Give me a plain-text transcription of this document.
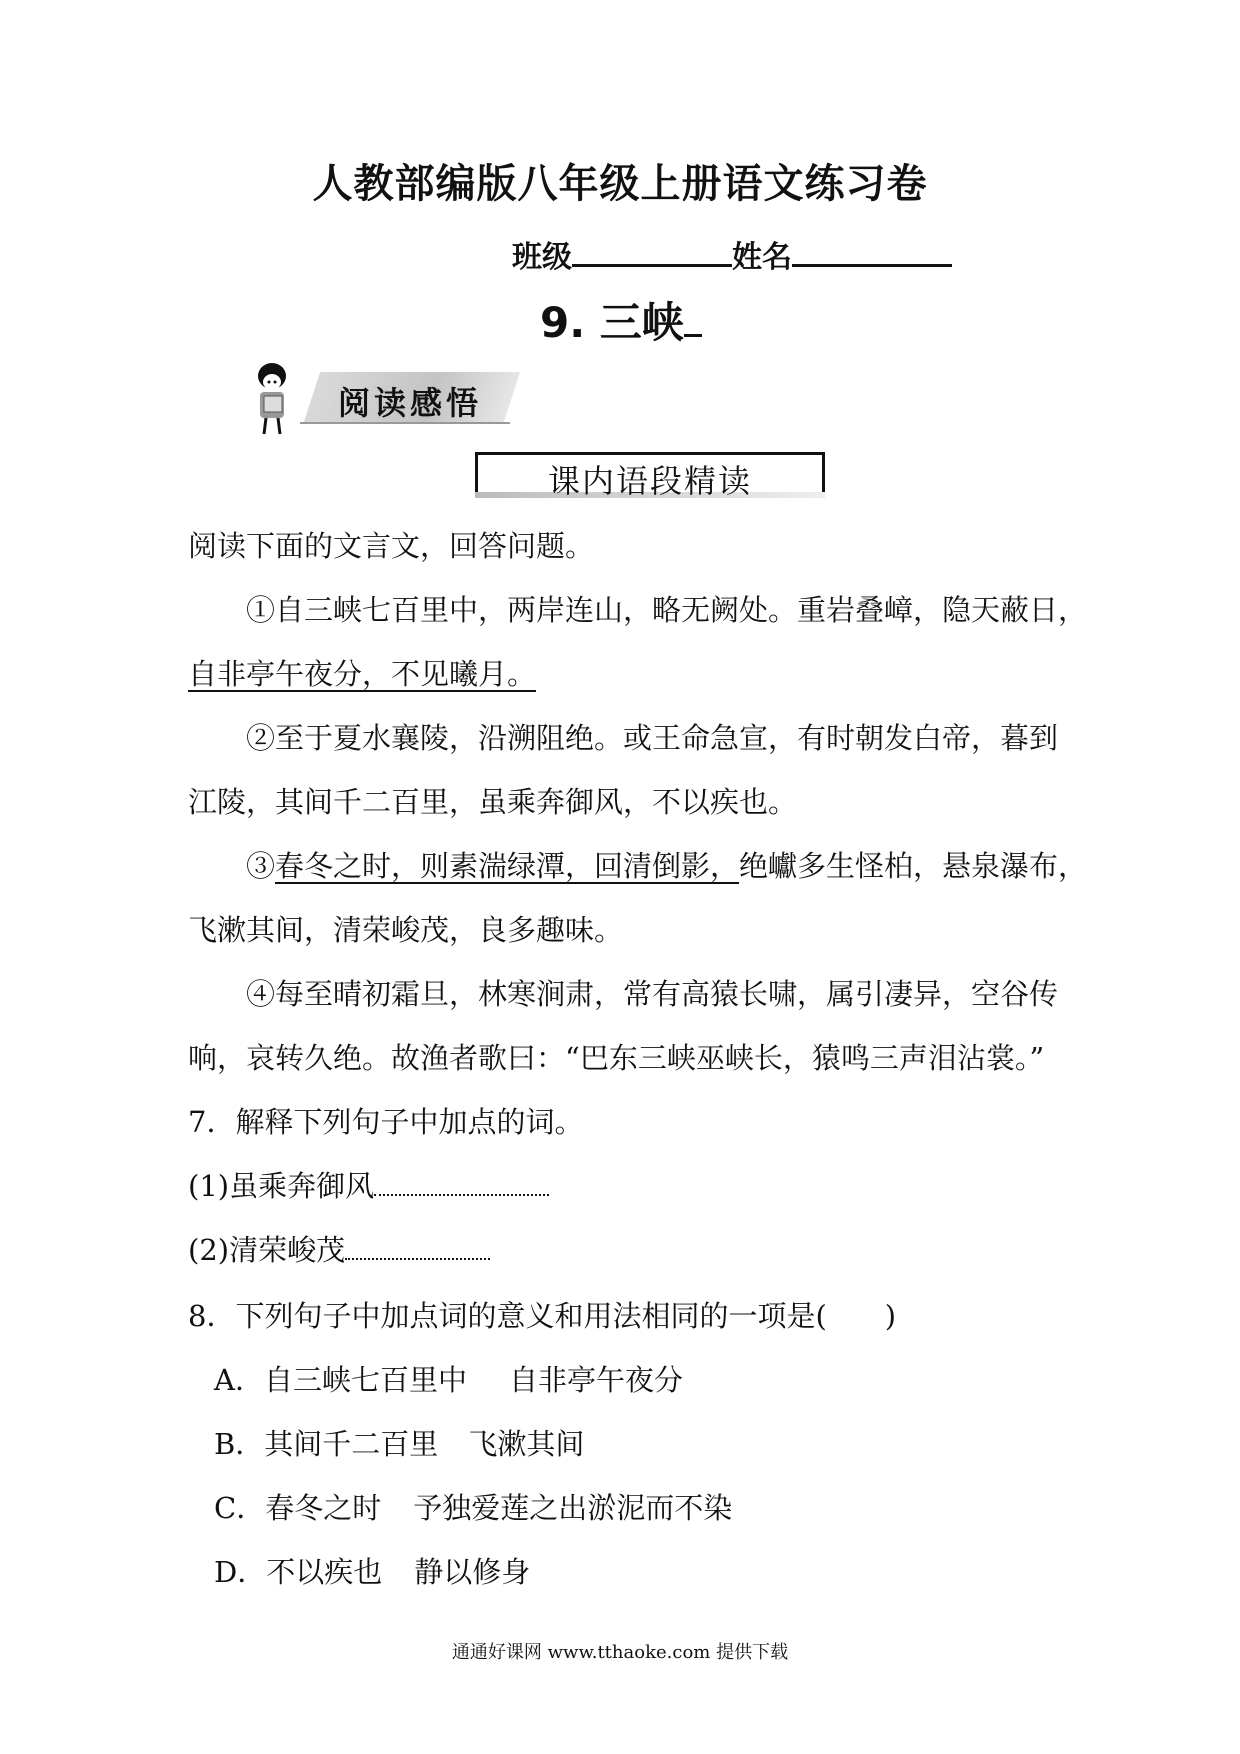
人教部编版八年级上册语文练习卷
班级	姓名
9. 三峡
阅读感悟
课内语段精读
阅读下面的文言文，回答问题。
①自三峡七百里中，两岸连山，略无阙处。重岩叠嶂，隐天蔽日，
自非亭午夜分，不见曦月。
②至于夏水襄陵，沿溯阻绝。或王命急宣，有时朝发白帝，暮到
江陵，其间千二百里，虽乘奔御风，不以疾也。
③春冬之时，则素湍绿潭，回清倒影，绝巘多生怪柏，悬泉瀑布，
飞漱其间，清荣峻茂，良多趣味。
④每至晴初霜旦，林寒涧肃，常有高猿长啸，属引凄异，空谷传
响，哀转久绝。故渔者歌曰：“巴东三峡巫峡长，猿鸣三声泪沾裳。”
7．解释下列句子中加点的词。
(1)虽乘奔御风
(2)清荣峻茂
8．下列句子中加点词的意义和用法相同的一项是(　　)
A．自三峡七百里中 自非亭午夜分
B．其间千二百里 飞漱其间
C．春冬之时 予独爱莲之出淤泥而不染
D．不以疾也 静以修身
通通好课网 www.tthaoke.com 提供下载
